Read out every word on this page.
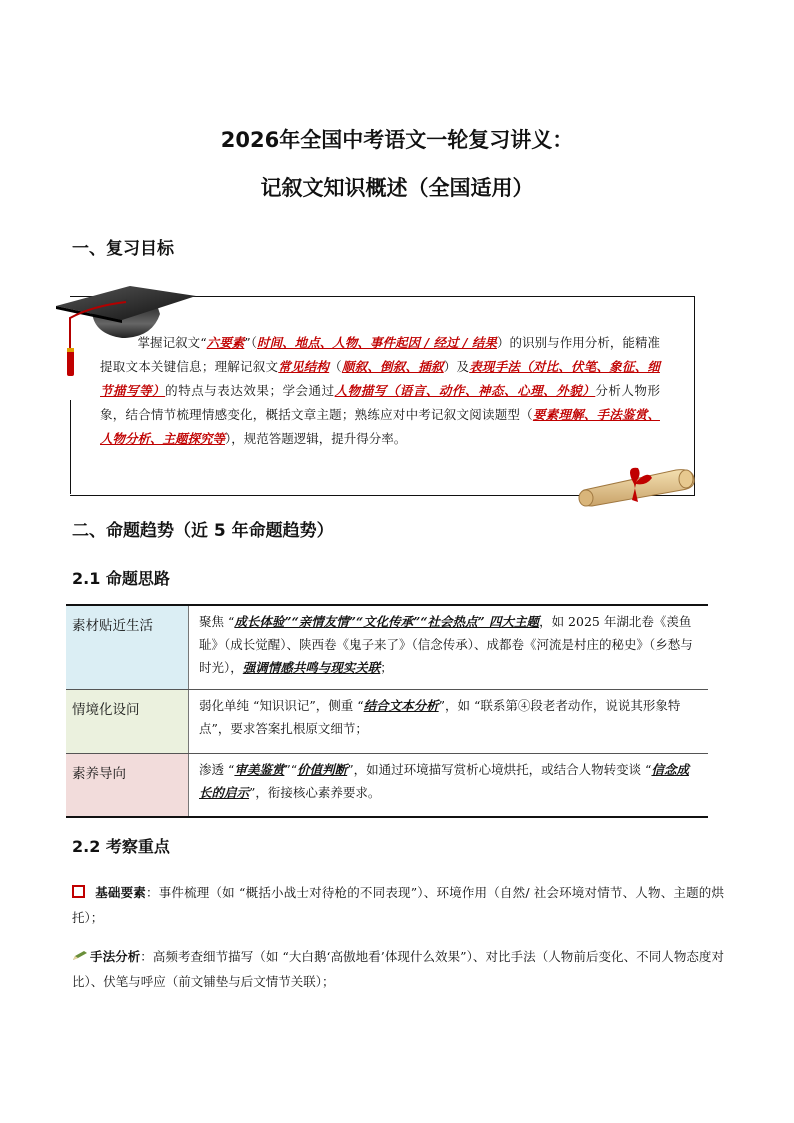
2026年全国中考语文一轮复习讲义：
记叙文知识概述（全国适用）
一、复习目标
掌握记叙文“六要素”（时间、地点、人物、事件起因 / 经过 / 结果）的识别与作用分析，能精准提取文本关键信息；理解记叙文常见结构（顺叙、倒叙、插叙）及表现手法（对比、伏笔、象征、细节描写等）的特点与表达效果；学会通过人物描写（语言、动作、神态、心理、外貌）分析人物形象，结合情节梳理情感变化，概括文章主题；熟练应对中考记叙文阅读题型（要素理解、手法鉴赏、人物分析、主题探究等），规范答题逻辑，提升得分率。
二、命题趋势（近 5 年命题趋势）
2.1 命题思路
素材贴近生活	聚焦 “成长体验”“亲情友情”“文化传承”“社会热点” 四大主题，如 2025 年湖北卷《羡鱼耻》（成长觉醒）、陕西卷《鬼子来了》（信念传承）、成都卷《河流是村庄的秘史》（乡愁与时光），强调情感共鸣与现实关联；
情境化设问	弱化单纯 “知识识记”，侧重 “结合文本分析”，如 “联系第④段老者动作，说说其形象特点”，要求答案扎根原文细节；
素养导向	渗透 “审美鉴赏”“价值判断”，如通过环境描写赏析心境烘托，或结合人物转变谈 “信念成长的启示”，衔接核心素养要求。
2.2 考察重点
基础要素：事件梳理（如 “概括小战士对待枪的不同表现”）、环境作用（自然/ 社会环境对情节、人物、主题的烘托）；
手法分析：高频考查细节描写（如 “大白鹅‘高傲地看’体现什么效果”）、对比手法（人物前后变化、不同人物态度对比）、伏笔与呼应（前文铺垫与后文情节关联）；
